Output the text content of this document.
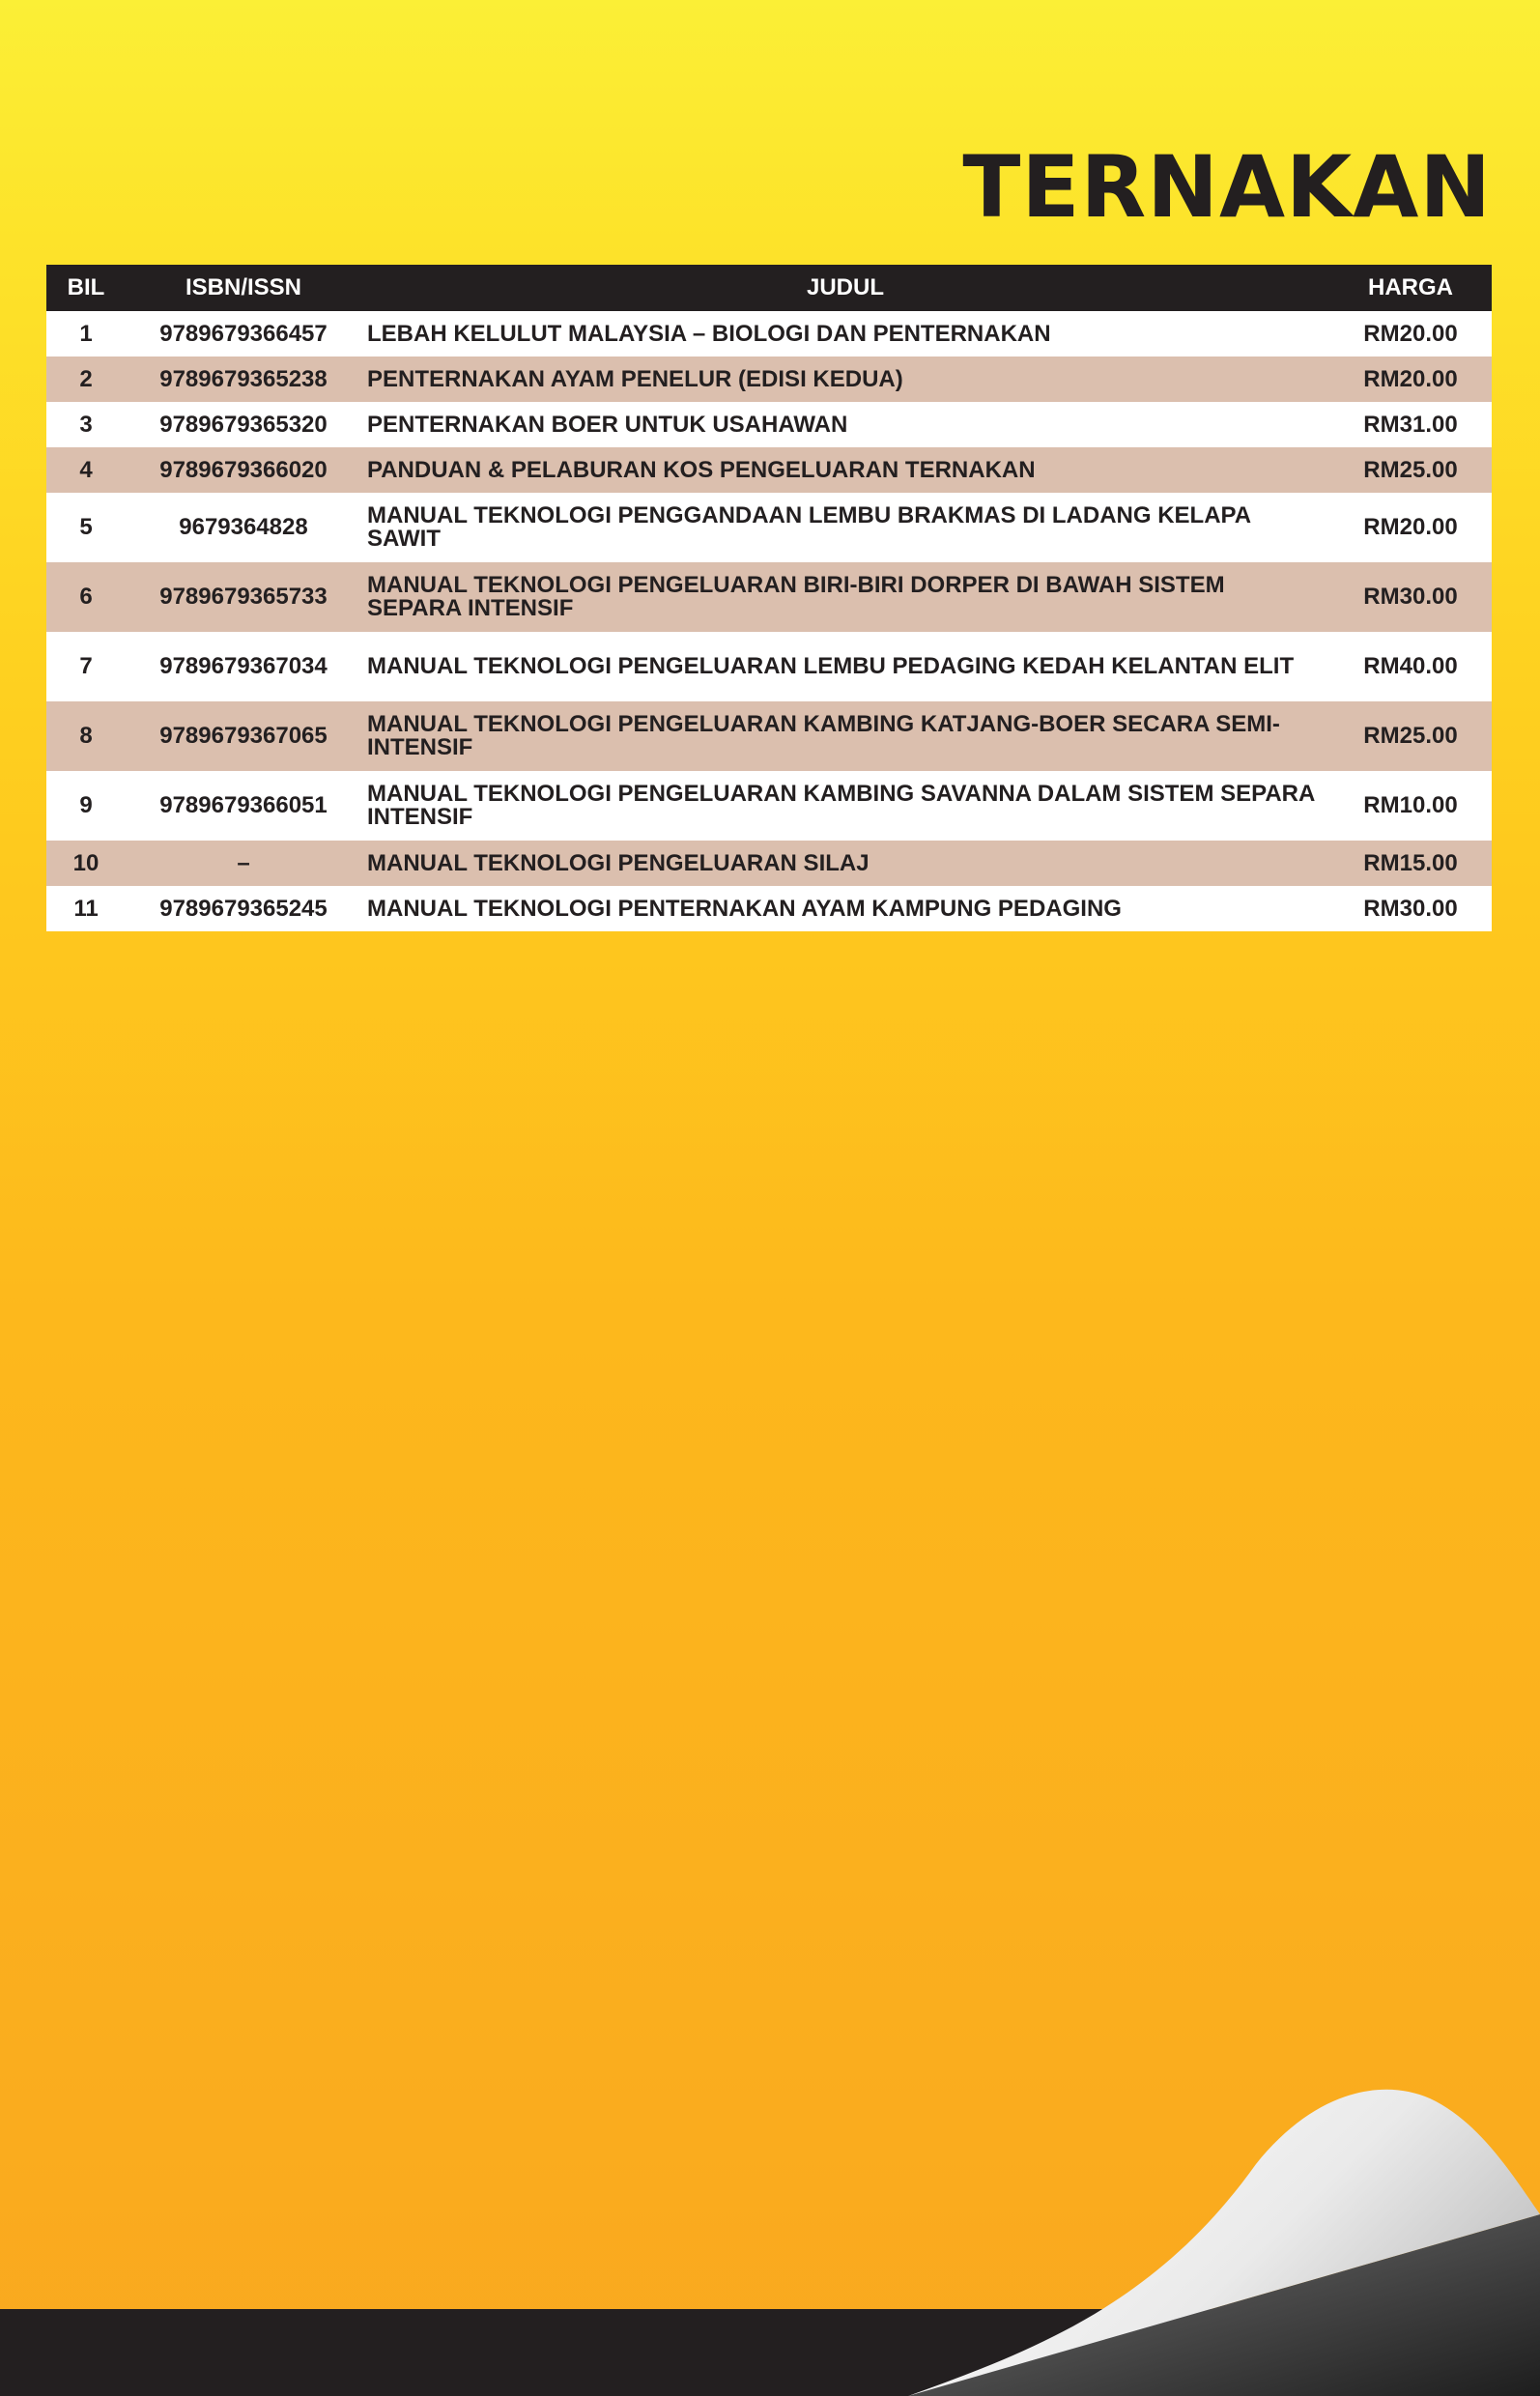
TERNAKAN
BIL	ISBN/ISSN	JUDUL	HARGA
1	9789679366457	LEBAH KELULUT MALAYSIA – BIOLOGI DAN PENTERNAKAN	RM20.00
2	9789679365238	PENTERNAKAN AYAM PENELUR (EDISI KEDUA)	RM20.00
3	9789679365320	PENTERNAKAN BOER UNTUK USAHAWAN	RM31.00
4	9789679366020	PANDUAN & PELABURAN KOS PENGELUARAN TERNAKAN	RM25.00
5	9679364828	MANUAL TEKNOLOGI PENGGANDAAN LEMBU BRAKMAS DI LADANG KELAPA SAWIT	RM20.00
6	9789679365733	MANUAL TEKNOLOGI PENGELUARAN BIRI-BIRI DORPER DI BAWAH SISTEM SEPARA INTENSIF	RM30.00
7	9789679367034	MANUAL TEKNOLOGI PENGELUARAN LEMBU PEDAGING KEDAH KELANTAN ELIT	RM40.00
8	9789679367065	MANUAL TEKNOLOGI PENGELUARAN KAMBING KATJANG-BOER SECARA SEMI-INTENSIF	RM25.00
9	9789679366051	MANUAL TEKNOLOGI PENGELUARAN KAMBING SAVANNA DALAM SISTEM SEPARA INTENSIF	RM10.00
10	–	MANUAL TEKNOLOGI PENGELUARAN SILAJ	RM15.00
11	9789679365245	MANUAL TEKNOLOGI PENTERNAKAN AYAM KAMPUNG PEDAGING	RM30.00
